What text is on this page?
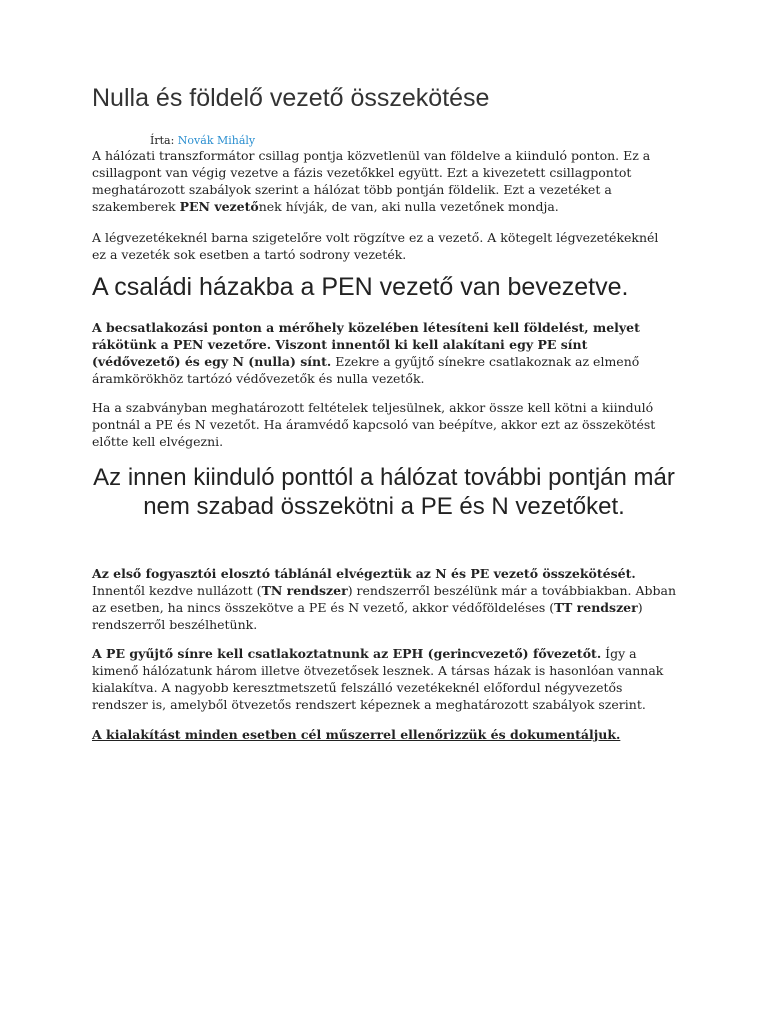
Nulla és földelő vezető összekötése
Írta: Novák Mihály

A hálózati transzformátor csillag pontja közvetlenül van földelve a kiinduló ponton. Ez a csillagpont van végig vezetve a fázis vezetőkkel együtt. Ezt a kivezetett csillagpontot meghatározott szabályok szerint a hálózat több pontján földelik. Ezt a vezetéket a szakemberek PEN vezetőnek hívják, de van, aki nulla vezetőnek mondja.

A légvezetékeknél barna szigetelőre volt rögzítve ez a vezető. A kötegelt légvezetékeknél ez a vezeték sok esetben a tartó sodrony vezeték.

A családi házakba a PEN vezető van bevezetve.

A becsatlakozási ponton a mérőhely közelében létesíteni kell földelést, melyet rákötünk a PEN vezetőre. Viszont innentől ki kell alakítani egy PE sínt (védővezető) és egy N (nulla) sínt. Ezekre a gyűjtő sínekre csatlakoznak az elmenő áramkörökhöz tartózó védővezetők és nulla vezetők.

Ha a szabványban meghatározott feltételek teljesülnek, akkor össze kell kötni a kiinduló pontnál a PE és N vezetőt. Ha áramvédő kapcsoló van beépítve, akkor ezt az összekötést előtte kell elvégezni.

Az innen kiinduló ponttól a hálózat további pontján már nem szabad összekötni a PE és N vezetőket.

Az első fogyasztói elosztó táblánál elvégeztük az N és PE vezető összekötését. Innentől kezdve nullázott (TN rendszer) rendszerről beszélünk már a továbbiakban. Abban az esetben, ha nincs összekötve a PE és N vezető, akkor védőföldeléses (TT rendszer) rendszerről beszélhetünk.

A PE gyűjtő sínre kell csatlakoztatnunk az EPH (gerincvezető) fővezetőt. Így a kimenő hálózatunk három illetve ötvezetősek lesznek. A társas házak is hasonlóan vannak kialakítva. A nagyobb keresztmetszetű felszálló vezetékeknél előfordul négyvezetős rendszer is, amelyből ötvezetős rendszert képeznek a meghatározott szabályok szerint.

A kialakítást minden esetben cél műszerrel ellenőrizzük és dokumentáljuk.
